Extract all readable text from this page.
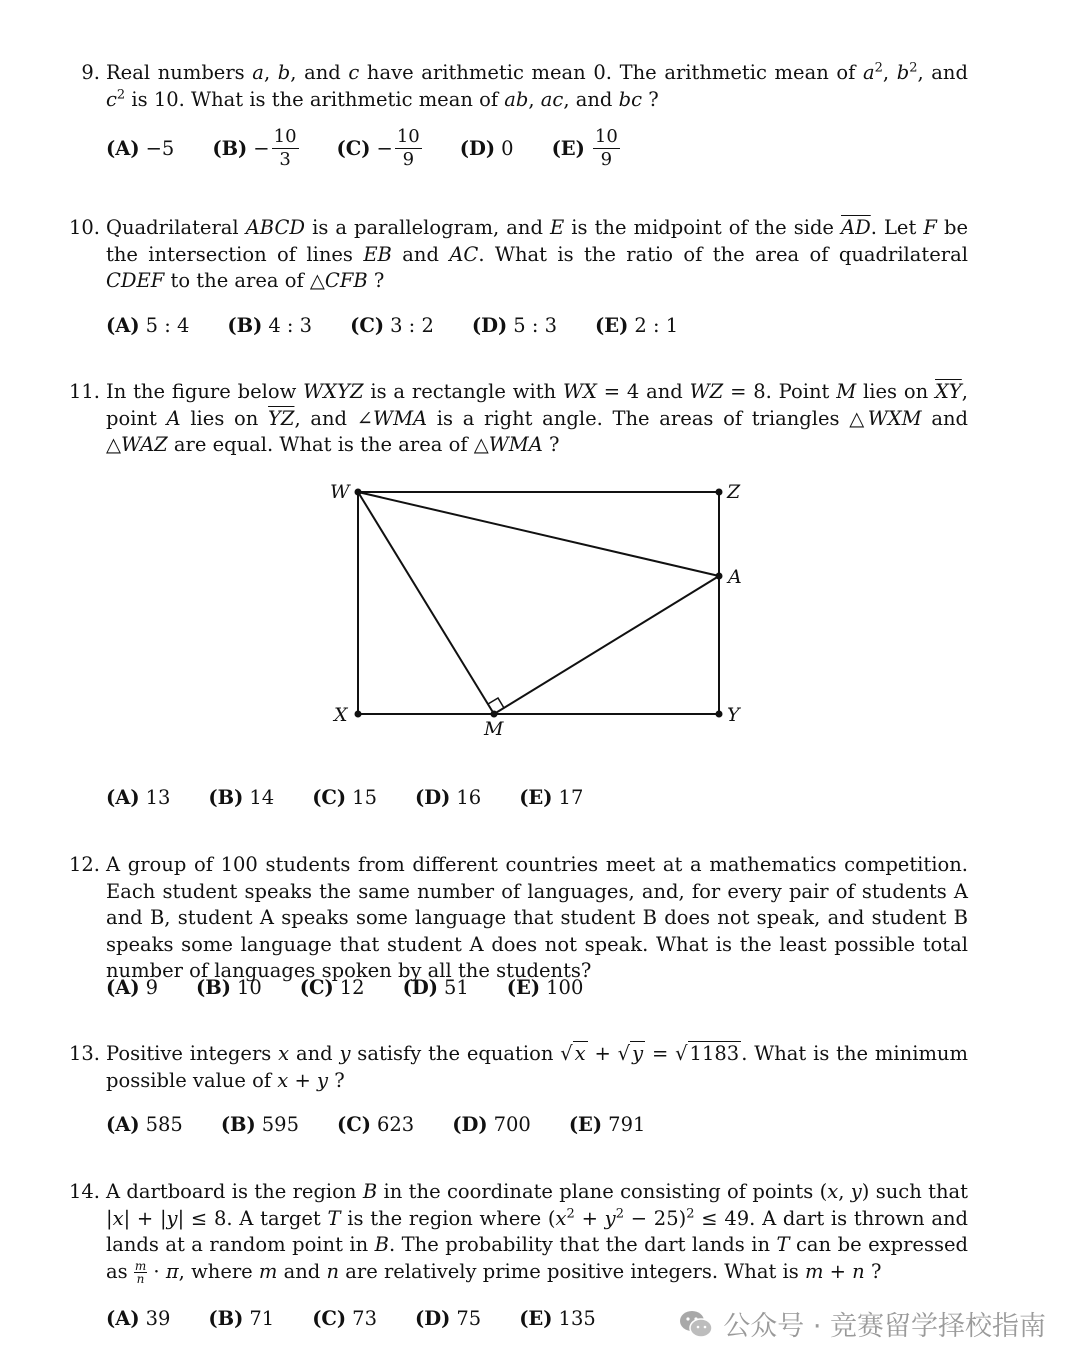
9. Real numbers a, b, and c have arithmetic mean 0. The arithmetic mean of $a^2$, $b^2$, and $c^2$ is 10. What is the arithmetic mean of ab, ac, and bc ?
(A) −5 $(B) - \frac{10}{3} (C) - \frac{10}{9} (D)$ 0 $(E) \frac{10}{9}$
10. Quadrilateral ABCD is a parallelogram, and E is the midpoint of the side $\overline{AD}$. Let F be the intersection of lines EB and AC. What is the ratio of the area of quadrilateral CDEF to the area of △CFB ?
(A) 5 : 4 (B) 4 : 3 (C) 3 : 2 (D) 5 : 3 (E) 2 : 1
11. In the figure below WXYZ is a rectangle with WX = 4 and WZ = 8. Point M lies on $\overline{XY}$, point A lies on $\overline{YZ}$, and ∠WMA is a right angle. The areas of triangles △WXM and △WAZ are equal. What is the area of △WMA ?
W	Z
A
X	Y
M
(A) 13 (B) 14 (C) 15 (D) 16 (E) 17
12. A group of 100 students from different countries meet at a mathematics competition. Each student speaks the same number of languages, and, for every pair of students A and B, student A speaks some language that student B does not speak, and student B speaks some language that student A does not speak. What is the least possible total number of languages spoken by all the students?
(A) 9 (B) 10 (C) 12 (D) 51 (E) 100
13. Positive integers x and y satisfy the equation √ x + √ y = √ 1183 . What is the minimum possible value of x + y ?
(A) 585 (B) 595 (C) 623 (D) 700 (E) 791
14. A dartboard is the region B in the coordinate plane consisting of points (x, y) such that |x| + |y| ≤ 8. A target T is the region where $(x^2 + y^2 - 25)^2 \le 49$. A dart is thrown and lands at a random point in B. The probability that the dart lands in T can be expressed as $\frac{m}{n} \cdot \pi$, where m and n are relatively prime positive integers. What is m + n ?
(A) 39 (B) 71 (C) 73 (D) 75 (E) 135	公众号 · 竞赛留学择校指南
